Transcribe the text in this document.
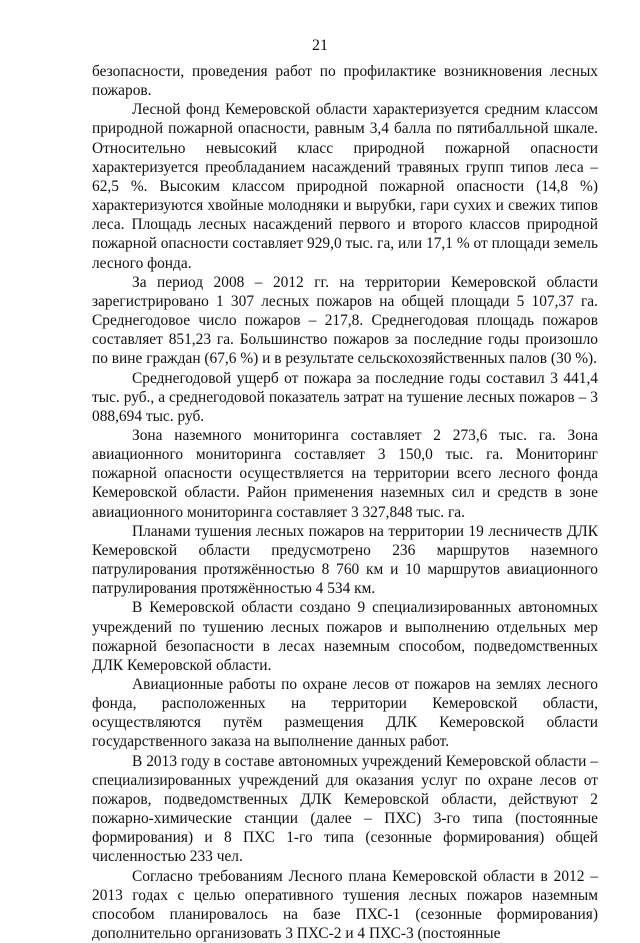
21

безопасности, проведения работ по профилактике возникновения лесных пожаров.

Лесной фонд Кемеровской области характеризуется средним классом природной пожарной опасности, равным 3,4 балла по пятибалльной шкале. Относительно невысокий класс природной пожарной опасности характеризуется преобладанием насаждений травяных групп типов леса – 62,5 %. Высоким классом природной пожарной опасности (14,8 %) характеризуются хвойные молодняки и вырубки, гари сухих и свежих типов леса. Площадь лесных насаждений первого и второго классов природной пожарной опасности составляет 929,0 тыс. га, или 17,1 % от площади земель лесного фонда.

За период 2008 – 2012 гг. на территории Кемеровской области зарегистрировано 1 307 лесных пожаров на общей площади 5 107,37 га. Среднегодовое число пожаров – 217,8. Среднегодовая площадь пожаров составляет 851,23 га. Большинство пожаров за последние годы произошло по вине граждан (67,6 %) и в результате сельскохозяйственных палов (30 %).

Среднегодовой ущерб от пожара за последние годы составил 3 441,4 тыс. руб., а среднегодовой показатель затрат на тушение лесных пожаров – 3 088,694 тыс. руб.

Зона наземного мониторинга составляет 2 273,6 тыс. га. Зона авиационного мониторинга составляет 3 150,0 тыс. га. Мониторинг пожарной опасности осуществляется на территории всего лесного фонда Кемеровской области. Район применения наземных сил и средств в зоне авиационного мониторинга составляет 3 327,848 тыс. га.

Планами тушения лесных пожаров на территории 19 лесничеств ДЛК Кемеровской области предусмотрено 236 маршрутов наземного патрулирования протяжённостью 8 760 км и 10 маршрутов авиационного патрулирования протяжённостью 4 534 км.

В Кемеровской области создано 9 специализированных автономных учреждений по тушению лесных пожаров и выполнению отдельных мер пожарной безопасности в лесах наземным способом, подведомственных ДЛК Кемеровской области.

Авиационные работы по охране лесов от пожаров на землях лесного фонда, расположенных на территории Кемеровской области, осуществляются путём размещения ДЛК Кемеровской области государственного заказа на выполнение данных работ.

В 2013 году в составе автономных учреждений Кемеровской области – специализированных учреждений для оказания услуг по охране лесов от пожаров, подведомственных ДЛК Кемеровской области, действуют 2 пожарно-химические станции (далее – ПХС) 3-го типа (постоянные формирования) и 8 ПХС 1-го типа (сезонные формирования) общей численностью 233 чел.

Согласно требованиям Лесного плана Кемеровской области в 2012 – 2013 годах с целью оперативного тушения лесных пожаров наземным способом планировалось на базе ПХС-1 (сезонные формирования) дополнительно организовать 3 ПХС-2 и 4 ПХС-3 (постоянные
